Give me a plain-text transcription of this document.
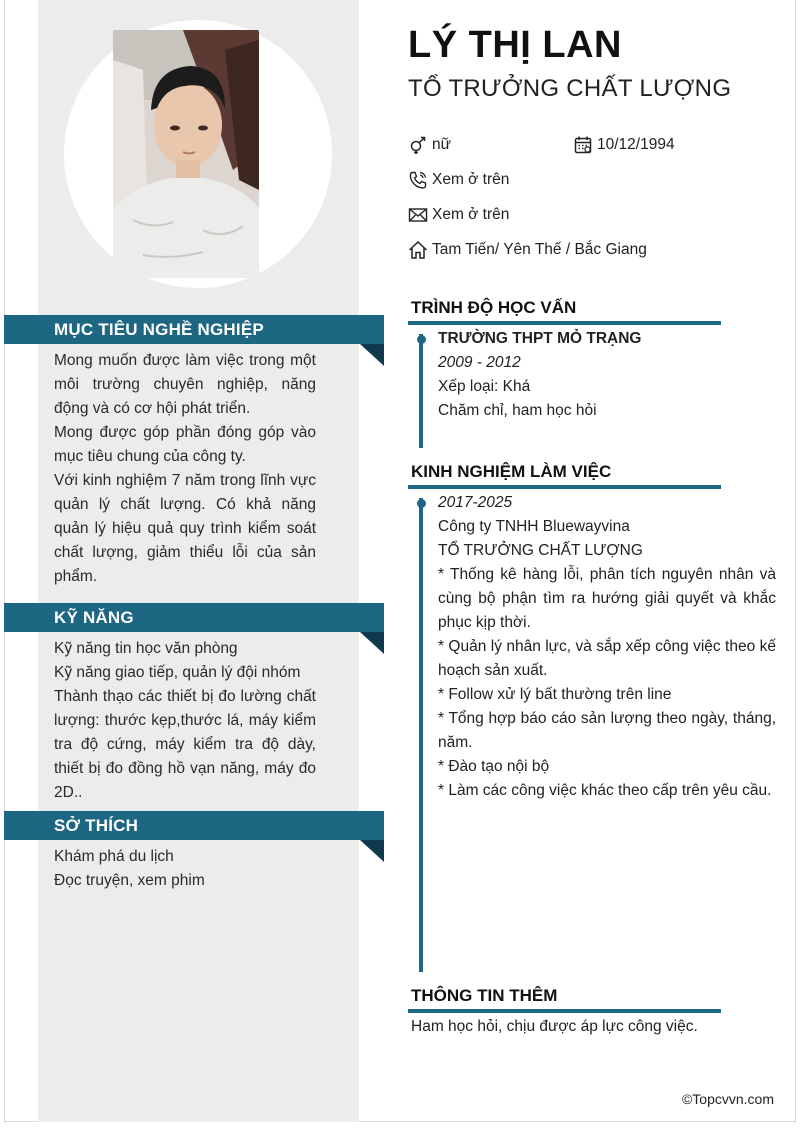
MỤC TIÊU NGHỀ NGHIỆP

Mong muốn được làm việc trong một môi trường chuyên nghiệp, năng động và có cơ hội phát triển.

Mong được góp phần đóng góp vào mục tiêu chung của công ty.

Với kinh nghiệm 7 năm trong lĩnh vực quản lý chất lượng. Có khả năng quản lý hiệu quả quy trình kiểm soát chất lượng, giảm thiểu lỗi của sản phẩm.

KỸ NĂNG

Kỹ năng tin học văn phòng

Kỹ năng giao tiếp, quản lý đội nhóm

Thành thạo các thiết bị đo lường chất lượng: thước kẹp,thước lá, máy kiểm tra độ cứng, máy kiểm tra độ dày, thiết bị đo đồng hồ vạn năng, máy đo 2D..

SỞ THÍCH

Khám phá du lịch

Đọc truyện, xem phim

LÝ THỊ LAN
TỔ TRƯỞNG CHẤT LƯỢNG
nữ	10/12/1994
Xem ở trên
Xem ở trên
Tam Tiến/ Yên Thế / Bắc Giang
TRÌNH ĐỘ HỌC VẤN

TRƯỜNG THPT MỎ TRẠNG

2009 - 2012

Xếp loại: Khá

Chăm chỉ, ham học hỏi

KINH NGHIỆM LÀM VIỆC

2017-2025

Công ty TNHH Bluewayvina

TỔ TRƯỞNG CHẤT LƯỢNG

* Thống kê hàng lỗi, phân tích nguyên nhân và cùng bộ phận tìm ra hướng giải quyết và khắc phục kịp thời.

* Quản lý nhân lực, và sắp xếp công việc theo kế hoạch sản xuất.

* Follow xử lý bất thường trên line

* Tổng hợp báo cáo sản lượng theo ngày, tháng, năm.

* Đào tạo nội bộ

* Làm các công việc khác theo cấp trên yêu cầu.

THÔNG TIN THÊM
Ham học hỏi, chịu được áp lực công việc.
©Topcvvn.com
